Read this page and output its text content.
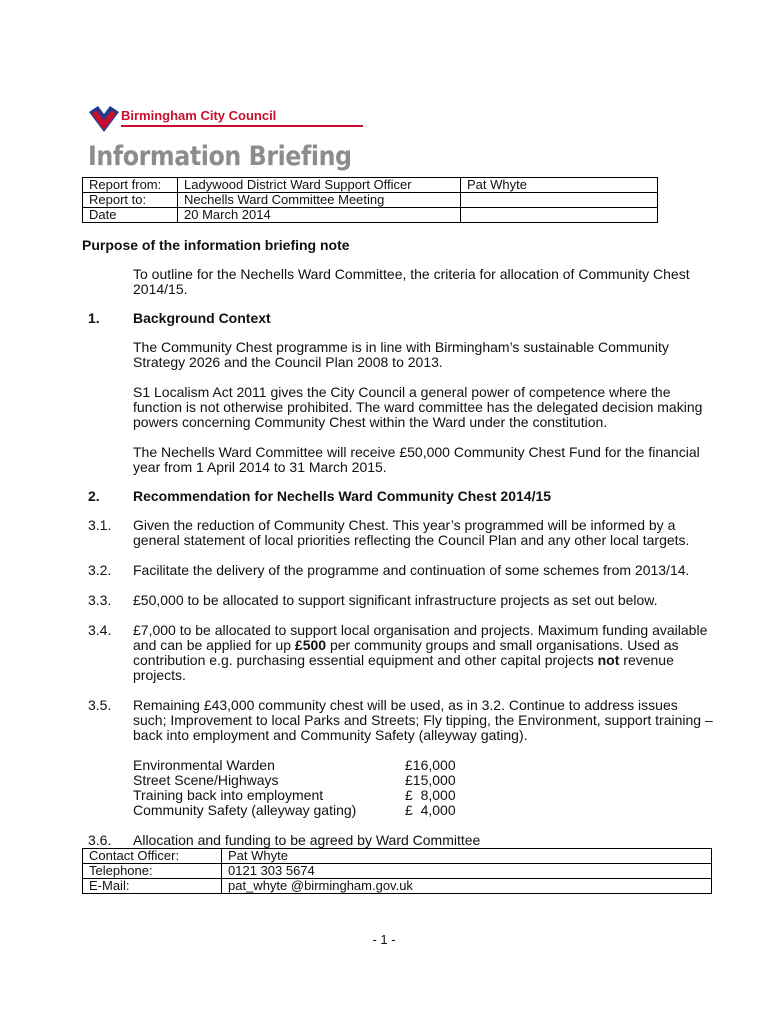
Birmingham City Council
Information Briefing
Report from:	Ladywood District Ward Support Officer	Pat Whyte
Report to:	Nechells Ward Committee Meeting	
Date	20 March 2014	
Purpose of the information briefing note
To outline for the Nechells Ward Committee, the criteria for allocation of Community Chest 2014/15.
1. Background Context
The Community Chest programme is in line with Birmingham’s sustainable Community Strategy 2026 and the Council Plan 2008 to 2013.
S1 Localism Act 2011 gives the City Council a general power of competence where the function is not otherwise prohibited. The ward committee has the delegated decision making powers concerning Community Chest within the Ward under the constitution.
The Nechells Ward Committee will receive £50,000 Community Chest Fund for the financial year from 1 April 2014 to 31 March 2015.
2. Recommendation for Nechells Ward Community Chest 2014/15
3.1. Given the reduction of Community Chest. This year’s programmed will be informed by a general statement of local priorities reflecting the Council Plan and any other local targets.
3.2. Facilitate the delivery of the programme and continuation of some schemes from 2013/14.
3.3. £50,000 to be allocated to support significant infrastructure projects as set out below.
3.4. £7,000 to be allocated to support local organisation and projects. Maximum funding available and can be applied for up £500 per community groups and small organisations. Used as contribution e.g. purchasing essential equipment and other capital projects not revenue projects.
3.5. Remaining £43,000 community chest will be used, as in 3.2. Continue to address issues such; Improvement to local Parks and Streets; Fly tipping, the Environment, support training – back into employment and Community Safety (alleyway gating).
Environmental Warden	£16,000
Street Scene/Highways	£15,000
Training back into employment	£  8,000
Community Safety (alleyway gating)	£  4,000
3.6. Allocation and funding to be agreed by Ward Committee
Contact Officer:	Pat Whyte
Telephone:	0121 303 5674
E-Mail:	pat_whyte @birmingham.gov.uk
- 1 -
